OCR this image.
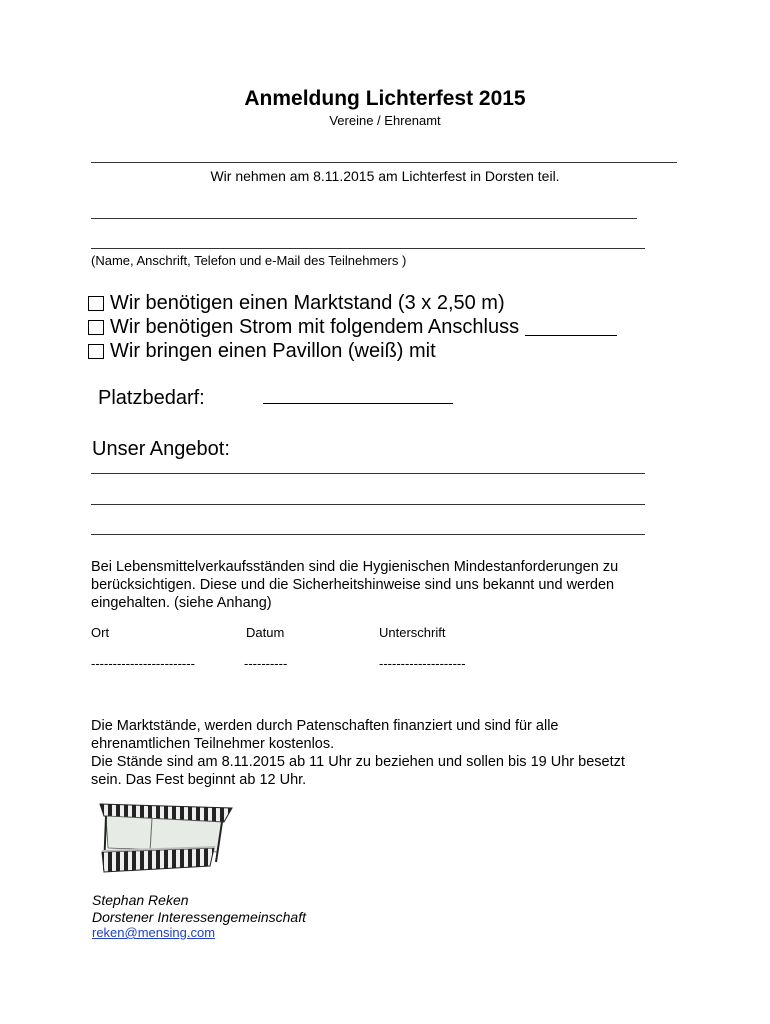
Anmeldung Lichterfest 2015
Vereine / Ehrenamt
Wir nehmen am 8.11.2015 am Lichterfest in Dorsten teil.
(Name, Anschrift, Telefon und e-Mail des Teilnehmers )
Wir benötigen einen Marktstand (3 x 2,50 m)
Wir benötigen Strom mit folgendem Anschluss
Wir bringen einen Pavillon (weiß) mit
Platzbedarf:
Unser Angebot:
Bei Lebensmittelverkaufsständen sind die Hygienischen Mindestanforderungen zu
berücksichtigen. Diese und die Sicherheitshinweise sind uns bekannt und werden
eingehalten. (siehe Anhang)
Ort	Datum	Unterschrift
------------------------	----------	--------------------
Die Marktstände, werden durch Patenschaften finanziert und sind für alle
ehrenamtlichen Teilnehmer kostenlos.
Die Stände sind am 8.11.2015 ab 11 Uhr zu beziehen und sollen bis 19 Uhr besetzt
sein. Das Fest beginnt ab 12 Uhr.
Stephan Reken
Dorstener Interessengemeinschaft
reken@mensing.com
